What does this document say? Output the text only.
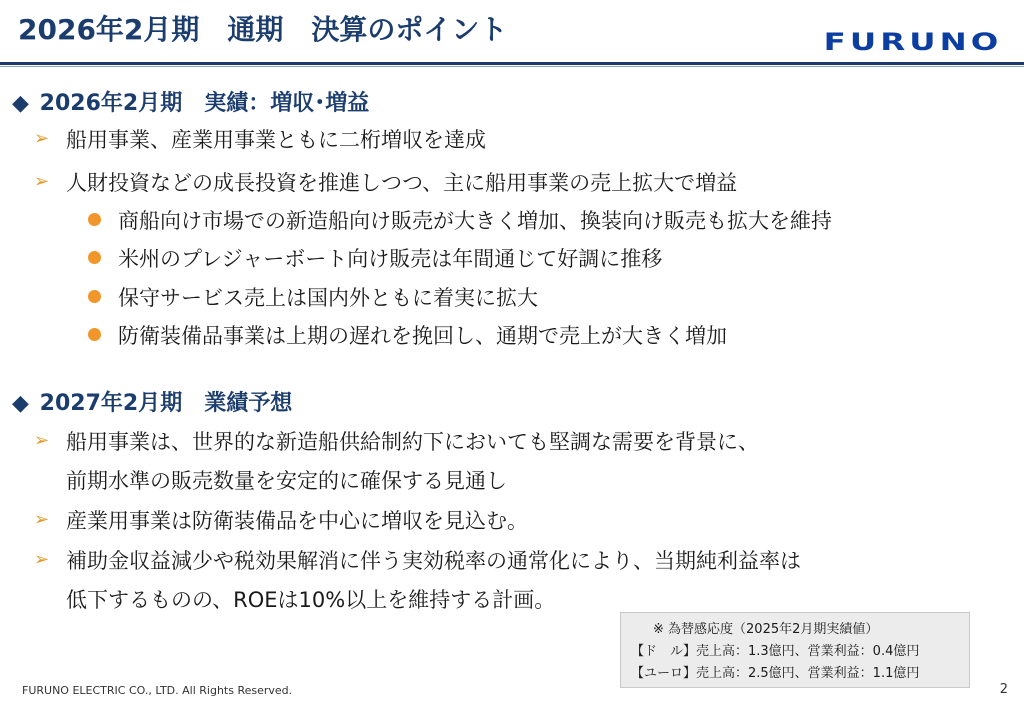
2026年2月期　通期　決算のポイント	FURUNO
◆ 2026年2月期　実績：増収･増益
➢ 船用事業、産業用事業ともに二桁増収を達成
➢ 人財投資などの成長投資を推進しつつ、主に船用事業の売上拡大で増益
商船向け市場での新造船向け販売が大きく増加、換装向け販売も拡大を維持
米州のプレジャーボート向け販売は年間通じて好調に推移
保守サービス売上は国内外ともに着実に拡大
防衛装備品事業は上期の遅れを挽回し、通期で売上が大きく増加
◆ 2027年2月期　業績予想
➢ 船用事業は、世界的な新造船供給制約下においても堅調な需要を背景に、
前期水準の販売数量を安定的に確保する見通し
➢ 産業用事業は防衛装備品を中心に増収を見込む。
➢ 補助金収益減少や税効果解消に伴う実効税率の通常化により、当期純利益率は
低下するものの、ROEは10%以上を維持する計画。
※ 為替感応度（2025年2月期実績値）
【ド　ル】売上高：1.3億円、営業利益：0.4億円
【ユーロ】売上高：2.5億円、営業利益：1.1億円
FURUNO ELECTRIC CO., LTD. All Rights Reserved.	2
